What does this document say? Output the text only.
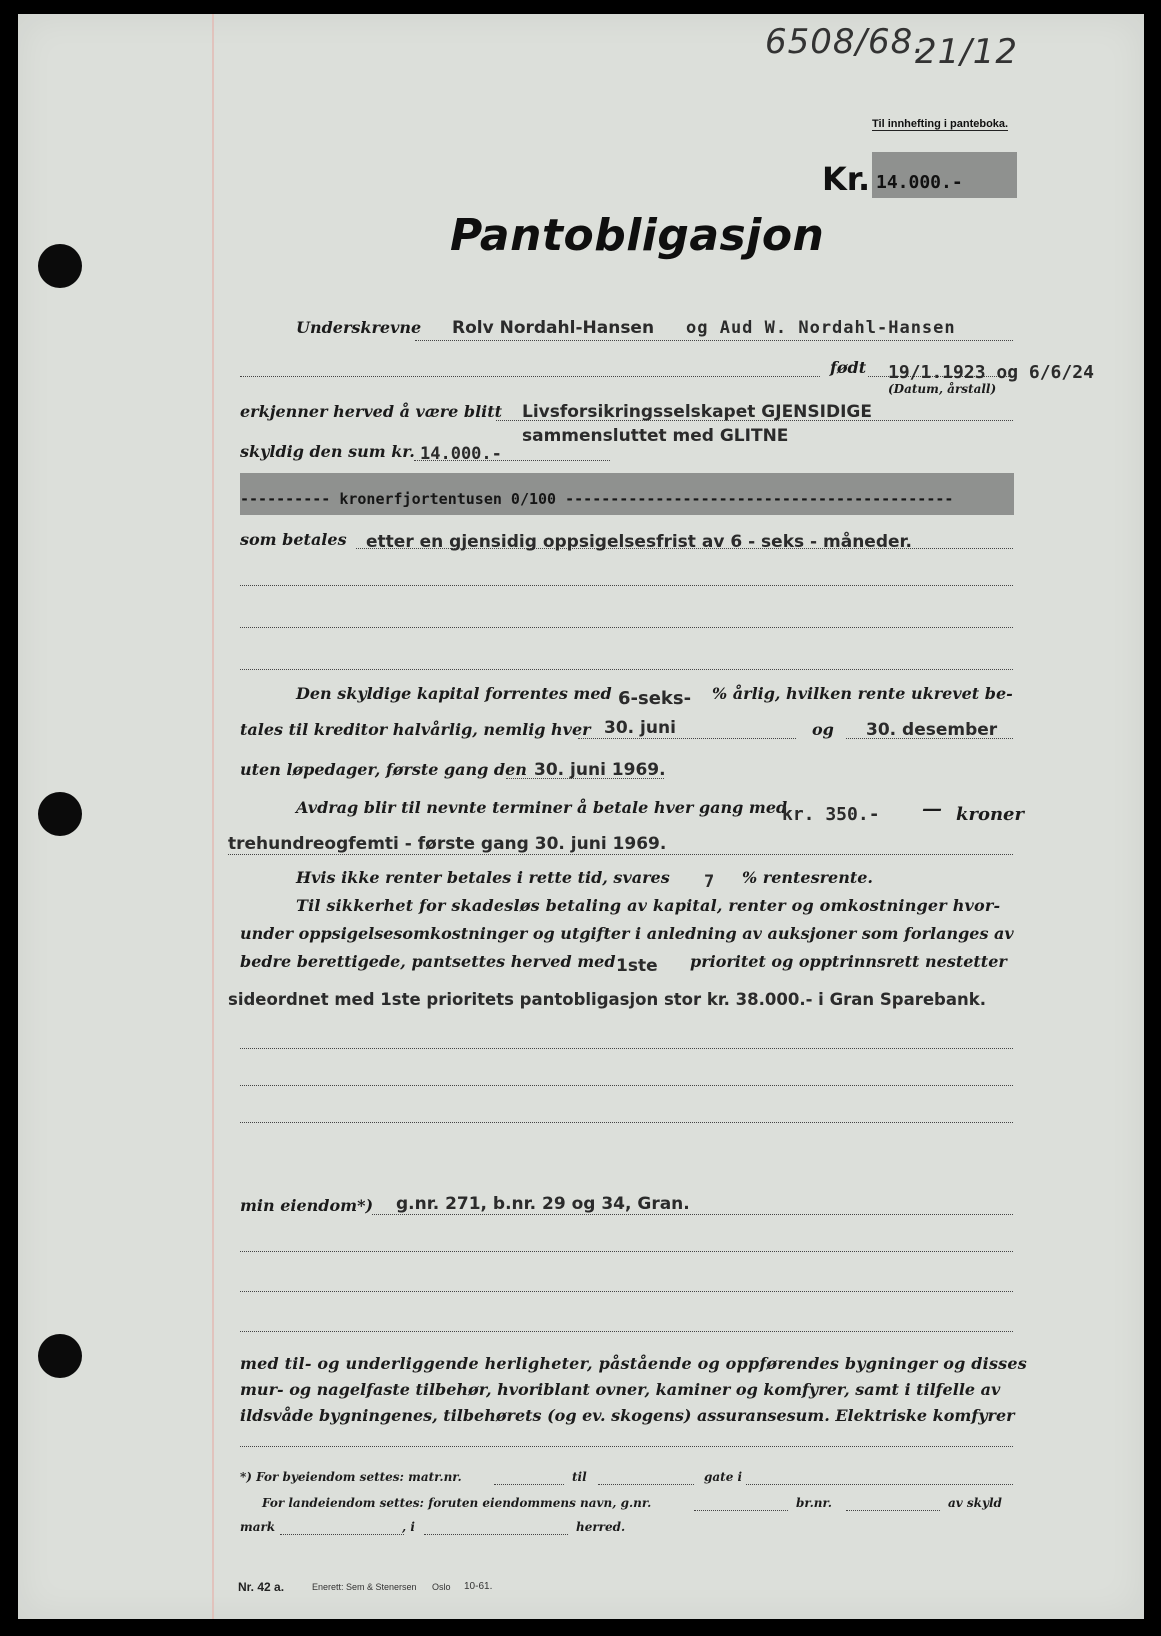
6508/68.
21/12
Til innhefting i panteboka.
Kr. 14.000.-
Pantobligasjon
Underskrevne Rolv Nordahl-Hansen og Aud W. Nordahl-Hansen
født 19/1.1923 og 6/6/24
(Datum, årstall)
erkjenner herved å være blitt Livsforsikringsselskapet GJENSIDIGE
sammensluttet med GLITNE
skyldig den sum kr. 14.000.-
---------- kronerfjortentusen 0/100 -------------------------------------------
som betales etter en gjensidig oppsigelsesfrist av 6 - seks - måneder.
Den skyldige kapital forrentes med 6-seks- % årlig, hvilken rente ukrevet be-
tales til kreditor halvårlig, nemlig hver 30. juni	og 30. desember
uten løpedager, første gang den 30. juni 1969.
Avdrag blir til nevnte terminer å betale hver gang med
kr. 350.- — kroner
trehundreogfemti - første gang 30. juni 1969.
Hvis ikke renter betales i rette tid, svares 7 % rentesrente.
Til sikkerhet for skadesløs betaling av kapital, renter og omkostninger hvor-
under oppsigelsesomkostninger og utgifter i anledning av auksjoner som forlanges av
bedre berettigede, pantsettes herved med 1ste prioritet og opptrinnsrett nestetter
sideordnet med 1ste prioritets pantobligasjon stor kr. 38.000.- i Gran Sparebank.
min eiendom*) g.nr. 271, b.nr. 29 og 34, Gran.
med til- og underliggende herligheter, påstående og oppførendes bygninger og disses
mur- og nagelfaste tilbehør, hvoriblant ovner, kaminer og komfyrer, samt i tilfelle av
ildsvåde bygningenes, tilbehørets (og ev. skogens) assuransesum. Elektriske komfyrer
*) For byeiendom settes: matr.nr.	til	gate i
For landeiendom settes: foruten eiendommens navn, g.nr.	br.nr.	av skyld
mark	, i	herred.
Nr. 42 a.	Enerett: Sem & Stenersen Oslo 10-61.
